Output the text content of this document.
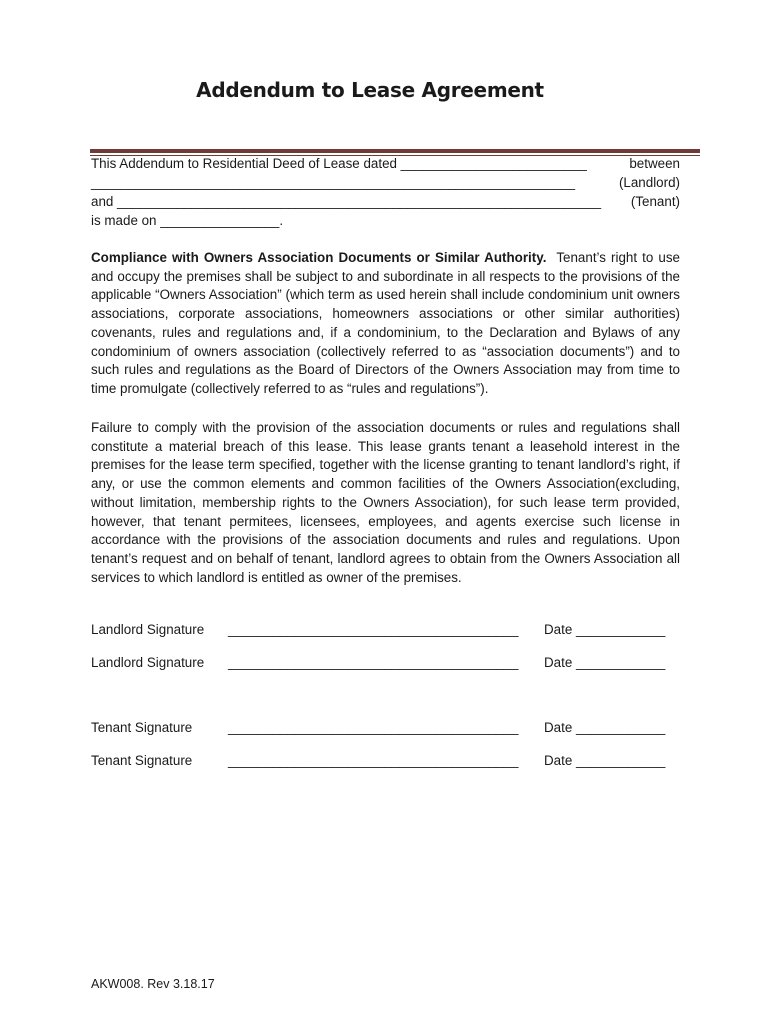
Addendum to Lease Agreement
This Addendum to Residential Deed of Lease dated _________________________	between
_________________________________________________________________	(Landlord)
and _________________________________________________________________ (Tenant)
is made on ________________.

Compliance with Owners Association Documents or Similar Authority. Tenant’s right to use and occupy the premises shall be subject to and subordinate in all respects to the provisions of the applicable “Owners Association” (which term as used herein shall include condominium unit owners associations, corporate associations, homeowners associations or other similar authorities) covenants, rules and regulations and, if a condominium, to the Declaration and Bylaws of any condominium of owners association (collectively referred to as “association documents”) and to such rules and regulations as the Board of Directors of the Owners Association may from time to time promulgate (collectively referred to as “rules and regulations”).

Failure to comply with the provision of the association documents or rules and regulations shall constitute a material breach of this lease. This lease grants tenant a leasehold interest in the premises for the lease term specified, together with the license granting to tenant landlord’s right, if any, or use the common elements and common facilities of the Owners Association(excluding, without limitation, membership rights to the Owners Association), for such lease term provided, however, that tenant permitees, licensees, employees, and agents exercise such license in accordance with the provisions of the association documents and rules and regulations. Upon tenant’s request and on behalf of tenant, landlord agrees to obtain from the Owners Association all services to which landlord is entitled as owner of the premises.

Landlord Signature _______________________________________ Date ____________
Landlord Signature _______________________________________ Date ____________
Tenant Signature	_______________________________________ Date ____________
Tenant Signature	_______________________________________ Date ____________
AKW008. Rev 3.18.17
